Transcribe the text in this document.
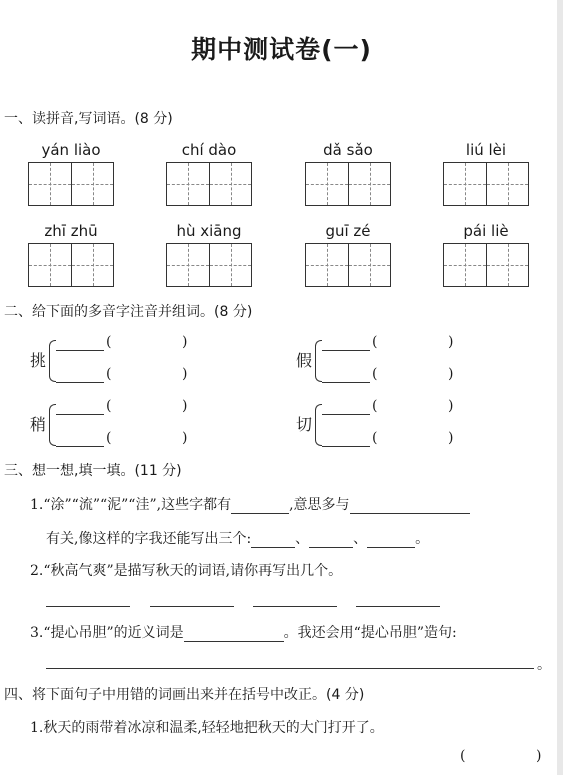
期中测试卷(一)
一、读拼音,写词语。(8 分)
yán liào	chí dào	dǎ sǎo	liú lèi
zhī zhū	hù xiāng	guī zé	pái liè
二、给下面的多音字注音并组词。(8 分)
挑
(	)
(	)
假
(	)
(	)
稍
(	)
(	)
切
(	)
(	)
三、想一想,填一填。(11 分)
1.“涂”“流”“泥”“洼”,这些字都有	,意思多与
有关,像这样的字我还能写出三个:	、	、	。
2.“秋高气爽”是描写秋天的词语,请你再写出几个。
3.“提心吊胆”的近义词是	。我还会用“提心吊胆”造句:
。
四、将下面句子中用错的词画出来并在括号中改正。(4 分)
1.秋天的雨带着冰凉和温柔,轻轻地把秋天的大门打开了。
(	)
